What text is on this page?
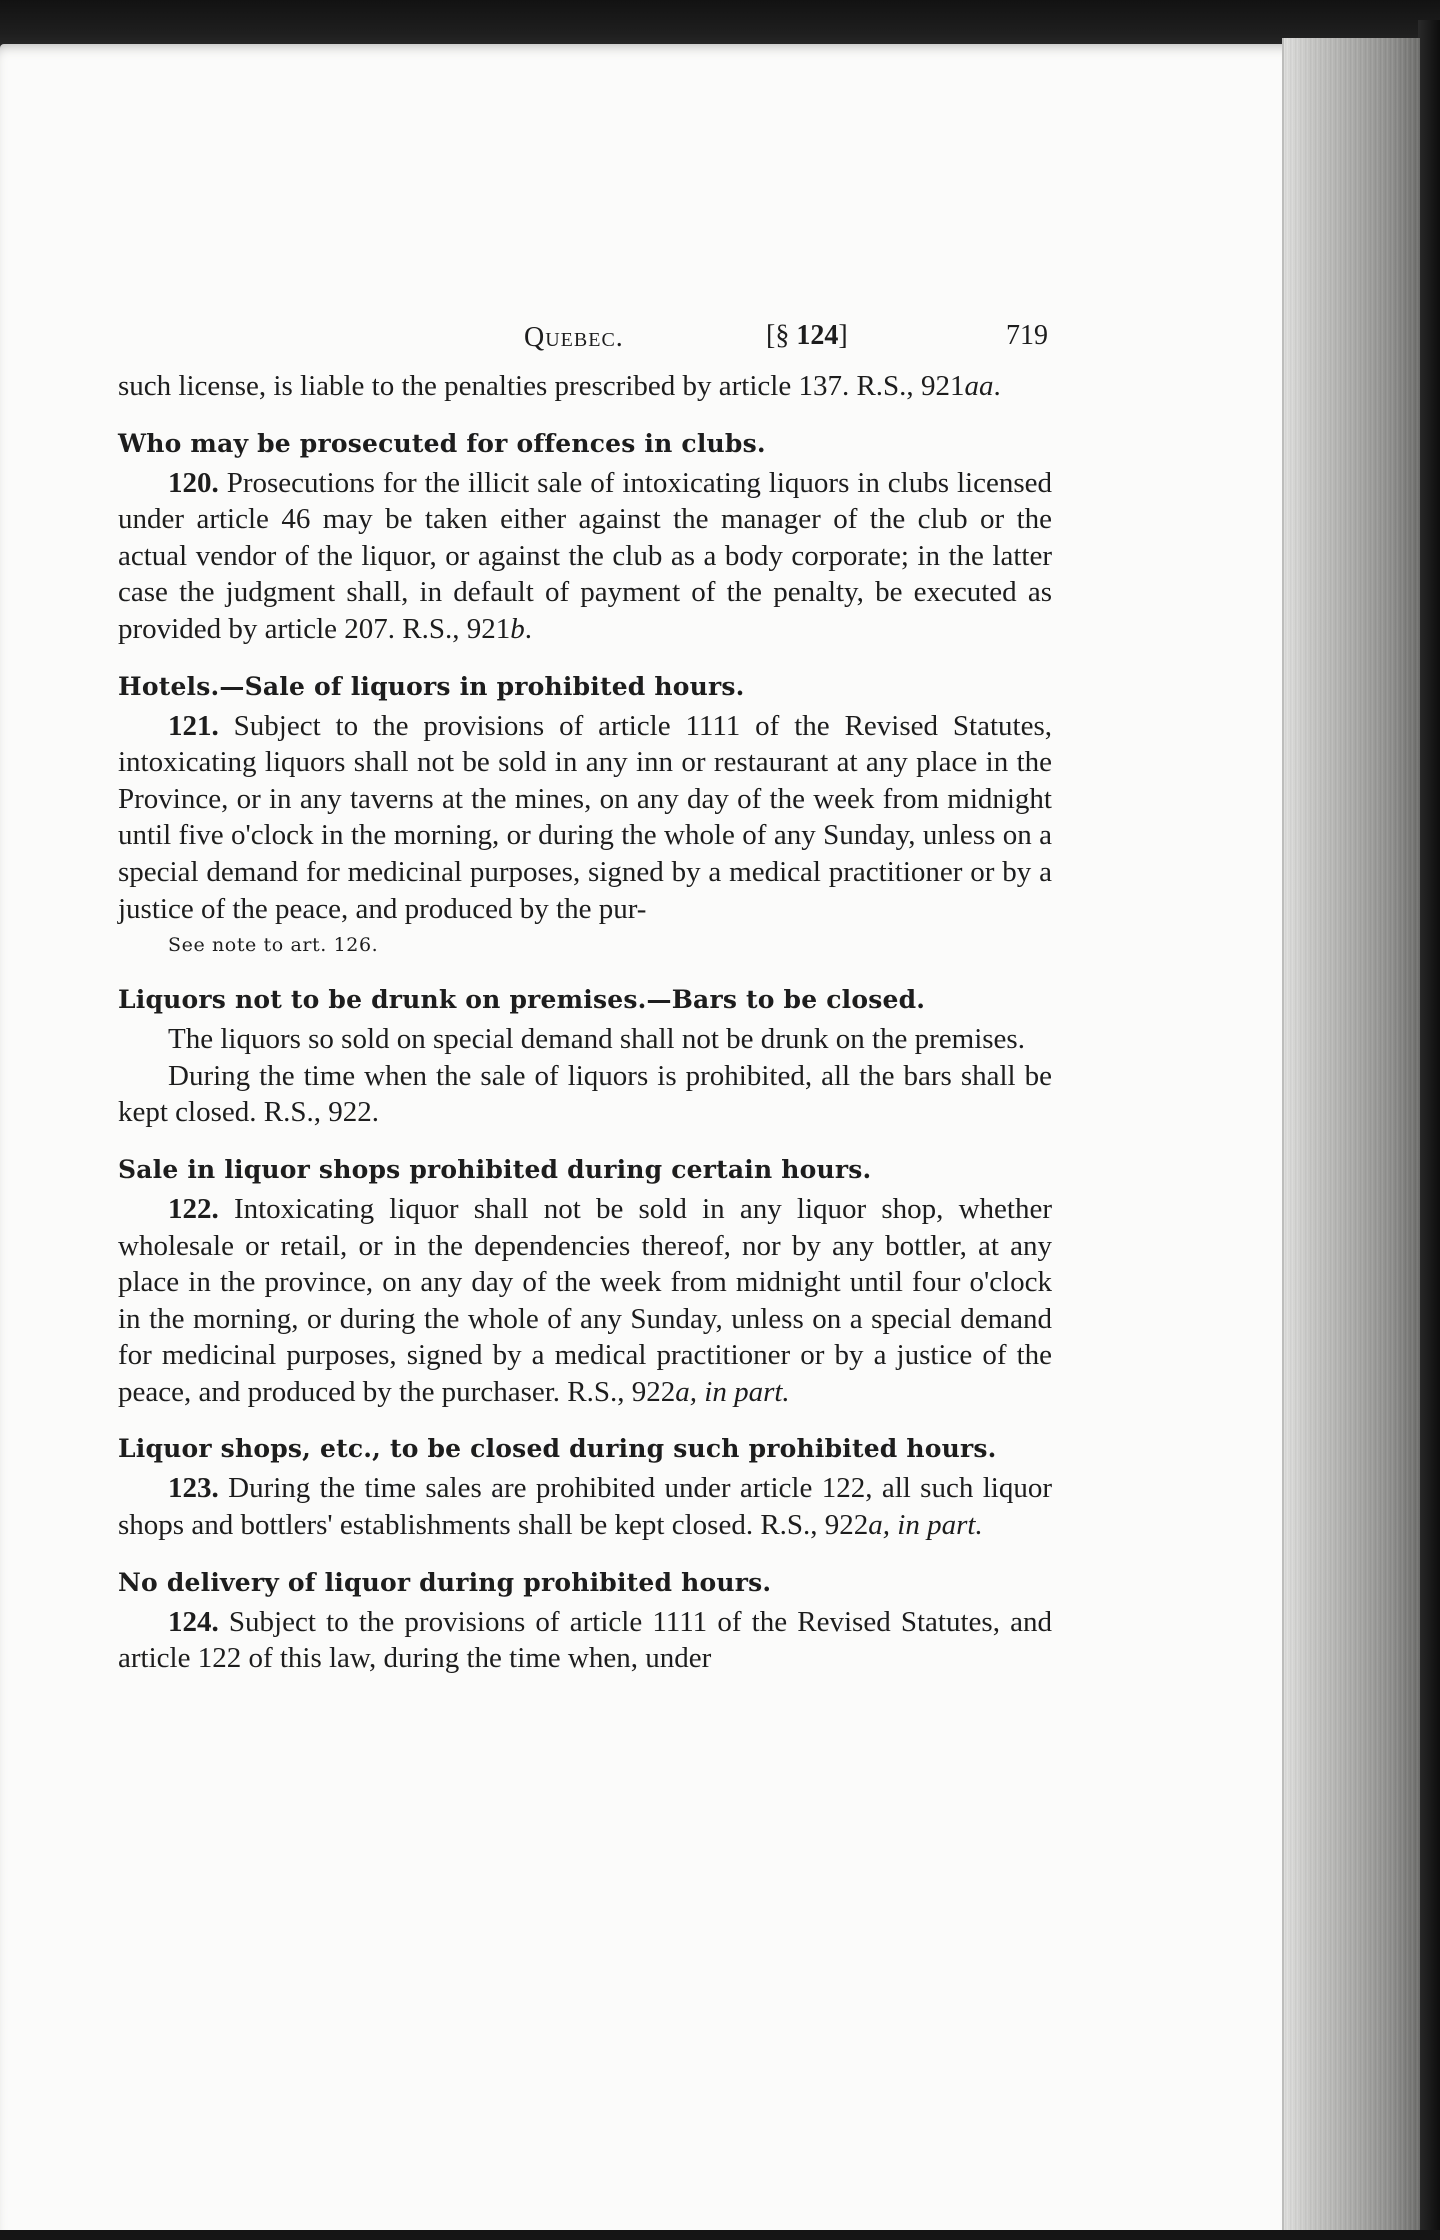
Quebec.	[§ 124]	719

such license, is liable to the penalties prescribed by article 137. R.S., 921aa.

Who may be prosecuted for offences in clubs.

120. Prosecutions for the illicit sale of intoxicating liquors in clubs licensed under article 46 may be taken either against the manager of the club or the actual vendor of the liquor, or against the club as a body corporate; in the latter case the judgment shall, in default of payment of the penalty, be executed as provided by article 207. R.S., 921b.

Hotels.—Sale of liquors in prohibited hours.

121. Subject to the provisions of article 1111 of the Revised Statutes, intoxicating liquors shall not be sold in any inn or restaurant at any place in the Province, or in any taverns at the mines, on any day of the week from midnight until five o'clock in the morning, or during the whole of any Sunday, unless on a special demand for medicinal purposes, signed by a medical practitioner or by a justice of the peace, and produced by the pur-

See note to art. 126.
Liquors not to be drunk on premises.—Bars to be closed.

The liquors so sold on special demand shall not be drunk on the premises.

During the time when the sale of liquors is prohibited, all the bars shall be kept closed. R.S., 922.

Sale in liquor shops prohibited during certain hours.

122. Intoxicating liquor shall not be sold in any liquor shop, whether wholesale or retail, or in the dependencies thereof, nor by any bottler, at any place in the province, on any day of the week from midnight until four o'clock in the morning, or during the whole of any Sunday, unless on a special demand for medicinal purposes, signed by a medical practitioner or by a justice of the peace, and produced by the purchaser. R.S., 922a, in part.

Liquor shops, etc., to be closed during such prohibited hours.

123. During the time sales are prohibited under article 122, all such liquor shops and bottlers' establishments shall be kept closed. R.S., 922a, in part.

No delivery of liquor during prohibited hours.

124. Subject to the provisions of article 1111 of the Revised Statutes, and article 122 of this law, during the time when, under
